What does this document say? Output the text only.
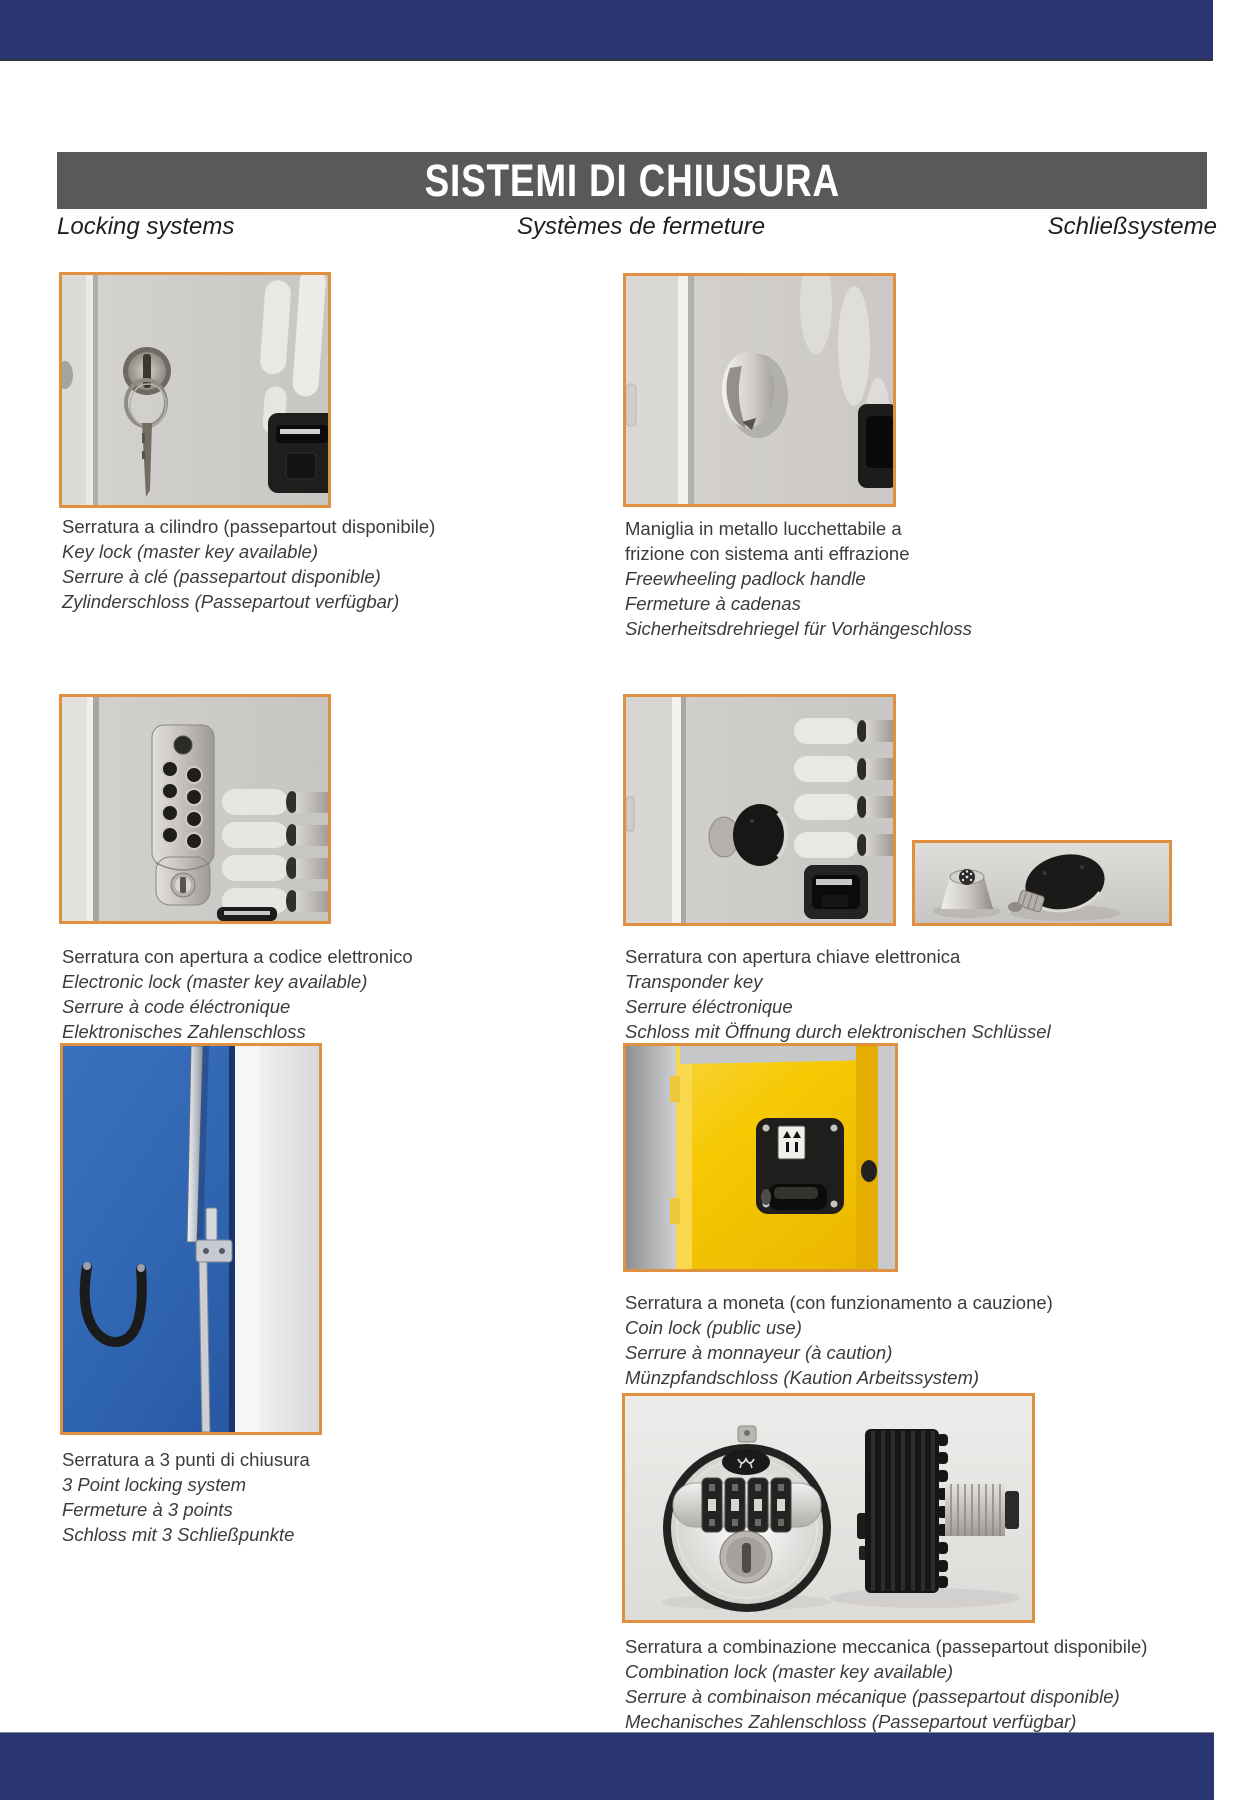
SISTEMI DI CHIUSURA
Locking systems	Systèmes de fermeture	Schließsysteme

Serratura a cilindro (passepartout disponibile)

Key lock (master key available)

Serrure à clé (passepartout disponible)

Zylinderschloss (Passepartout verfügbar)

Maniglia in metallo lucchettabile a

frizione con sistema anti effrazione

Freewheeling padlock handle

Fermeture à cadenas

Sicherheitsdrehriegel für Vorhängeschloss

Serratura con apertura a codice elettronico

Electronic lock (master key available)

Serrure à code éléctronique

Elektronisches Zahlenschloss

Serratura con apertura chiave elettronica

Transponder key

Serrure éléctronique

Schloss mit Öffnung durch elektronischen Schlüssel

Serratura a 3 punti di chiusura

3 Point locking system

Fermeture à 3 points

Schloss mit 3 Schließpunkte

Serratura a moneta (con funzionamento a cauzione)

Coin lock (public use)

Serrure à monnayeur (à caution)

Münzpfandschloss (Kaution Arbeitssystem)

Serratura a combinazione meccanica (passepartout disponibile)

Combination lock (master key available)

Serrure à combinaison mécanique (passepartout disponible)

Mechanisches Zahlenschloss (Passepartout verfügbar)
